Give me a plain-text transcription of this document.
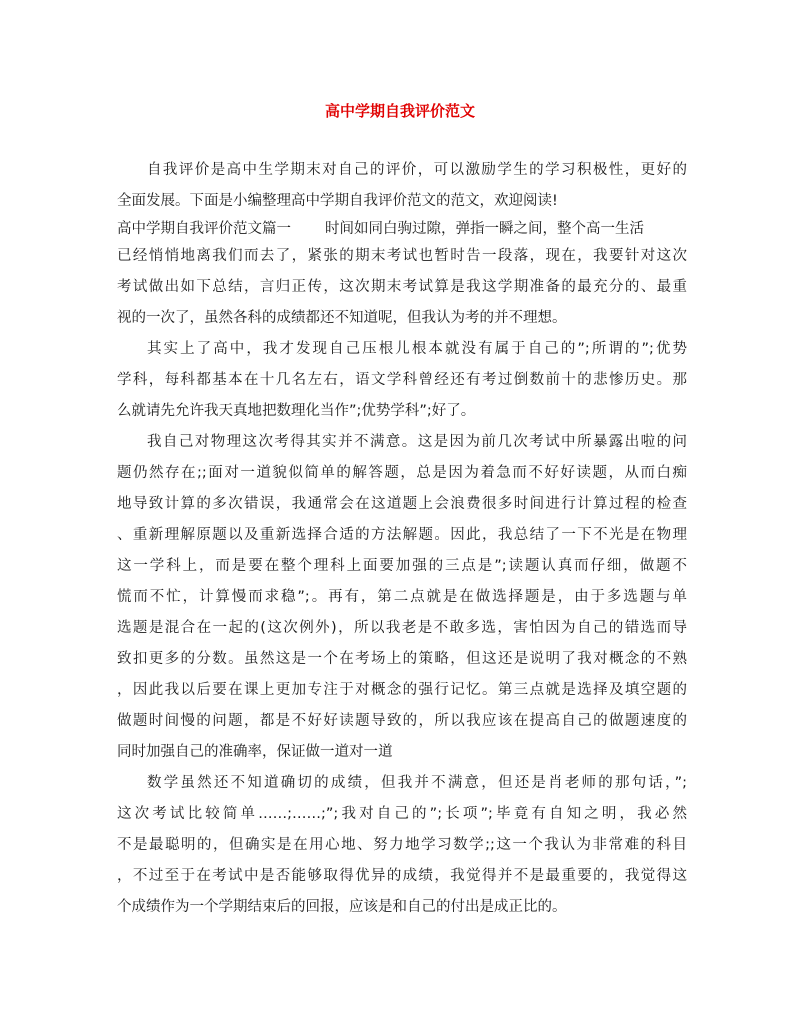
高中学期自我评价范文
自我评价是高中生学期末对自己的评价，可以激励学生的学习积极性，更好的
全面发展。下面是小编整理高中学期自我评价范文的范文，欢迎阅读!
高中学期自我评价范文篇一 时间如同白驹过隙，弹指一瞬之间，整个高一生活
已经悄悄地离我们而去了，紧张的期末考试也暂时告一段落，现在，我要针对这次
考试做出如下总结，言归正传，这次期末考试算是我这学期准备的最充分的、最重
视的一次了，虽然各科的成绩都还不知道呢，但我认为考的并不理想。
其实上了高中，我才发现自己压根儿根本就没有属于自己的”;所谓的”;优势
学科，每科都基本在十几名左右，语文学科曾经还有考过倒数前十的悲惨历史。那
么就请先允许我天真地把数理化当作”;优势学科”;好了。
我自己对物理这次考得其实并不满意。这是因为前几次考试中所暴露出啦的问
题仍然存在;;面对一道貌似简单的解答题，总是因为着急而不好好读题，从而白痴
地导致计算的多次错误，我通常会在这道题上会浪费很多时间进行计算过程的检查
、重新理解原题以及重新选择合适的方法解题。因此，我总结了一下不光是在物理
这一学科上，而是要在整个理科上面要加强的三点是”;读题认真而仔细，做题不
慌而不忙，计算慢而求稳”;。再有，第二点就是在做选择题是，由于多选题与单
选题是混合在一起的(这次例外)，所以我老是不敢多选，害怕因为自己的错选而导
致扣更多的分数。虽然这是一个在考场上的策略，但这还是说明了我对概念的不熟
，因此我以后要在课上更加专注于对概念的强行记忆。第三点就是选择及填空题的
做题时间慢的问题，都是不好好读题导致的，所以我应该在提高自己的做题速度的
同时加强自己的准确率，保证做一道对一道
数学虽然还不知道确切的成绩，但我并不满意，但还是肖老师的那句话，”;
这次考试比较简单……;……;”;我对自己的”;长项”;毕竟有自知之明，我必然
不是最聪明的，但确实是在用心地、努力地学习数学;;这一个我认为非常难的科目
，不过至于在考试中是否能够取得优异的成绩，我觉得并不是最重要的，我觉得这
个成绩作为一个学期结束后的回报，应该是和自己的付出是成正比的。
